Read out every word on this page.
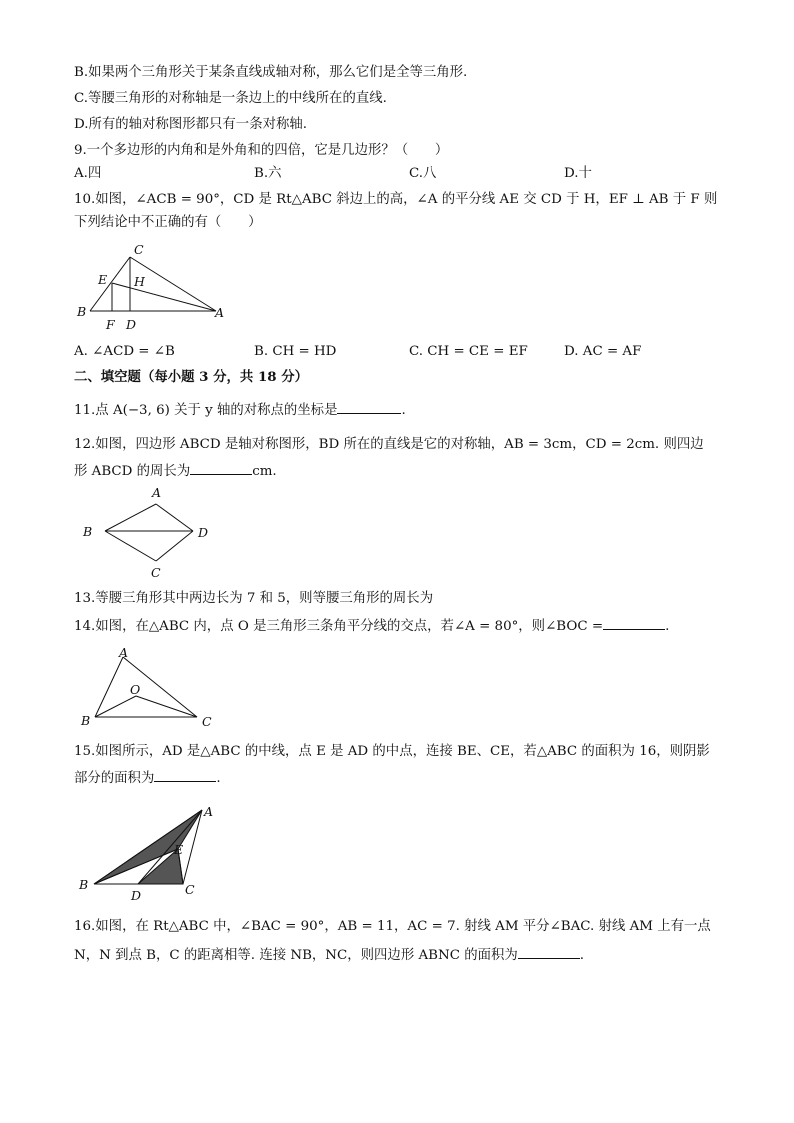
B.如果两个三角形关于某条直线成轴对称，那么它们是全等三角形.
C.等腰三角形的对称轴是一条边上的中线所在的直线.
D.所有的轴对称图形都只有一条对称轴.
9.一个多边形的内角和是外角和的四倍，它是几边形？（　　）
A.四	B.六	C.八	D.十
10.如图，∠ACB = 90°，CD 是 Rt△ABC 斜边上的高，∠A 的平分线 AE 交 CD 于 H，EF ⊥ AB 于 F 则
下列结论中不正确的有（　　）
C
E H
B
F D
A
A. ∠ACD = ∠B	B. CH = HD	C. CH = CE = EF	D. AC = AF
二、填空题（每小题 3 分，共 18 分）
11.点 A(−3, 6) 关于 y 轴的对称点的坐标是	.
12.如图，四边形 ABCD 是轴对称图形，BD 所在的直线是它的对称轴，AB = 3cm，CD = 2cm. 则四边
形 ABCD 的周长为	cm.
A
B	D
C
13.等腰三角形其中两边长为 7 和 5，则等腰三角形的周长为
14.如图，在△ABC 内，点 O 是三角形三条角平分线的交点，若∠A = 80°，则∠BOC =	.
A
O
B	C
15.如图所示，AD 是△ABC 的中线，点 E 是 AD 的中点，连接 BE、CE，若△ABC 的面积为 16，则阴影
部分的面积为	.
A
E
B
D	C
16.如图，在 Rt△ABC 中，∠BAC = 90°，AB = 11，AC = 7. 射线 AM 平分∠BAC. 射线 AM 上有一点
N，N 到点 B，C 的距离相等. 连接 NB，NC，则四边形 ABNC 的面积为	.
